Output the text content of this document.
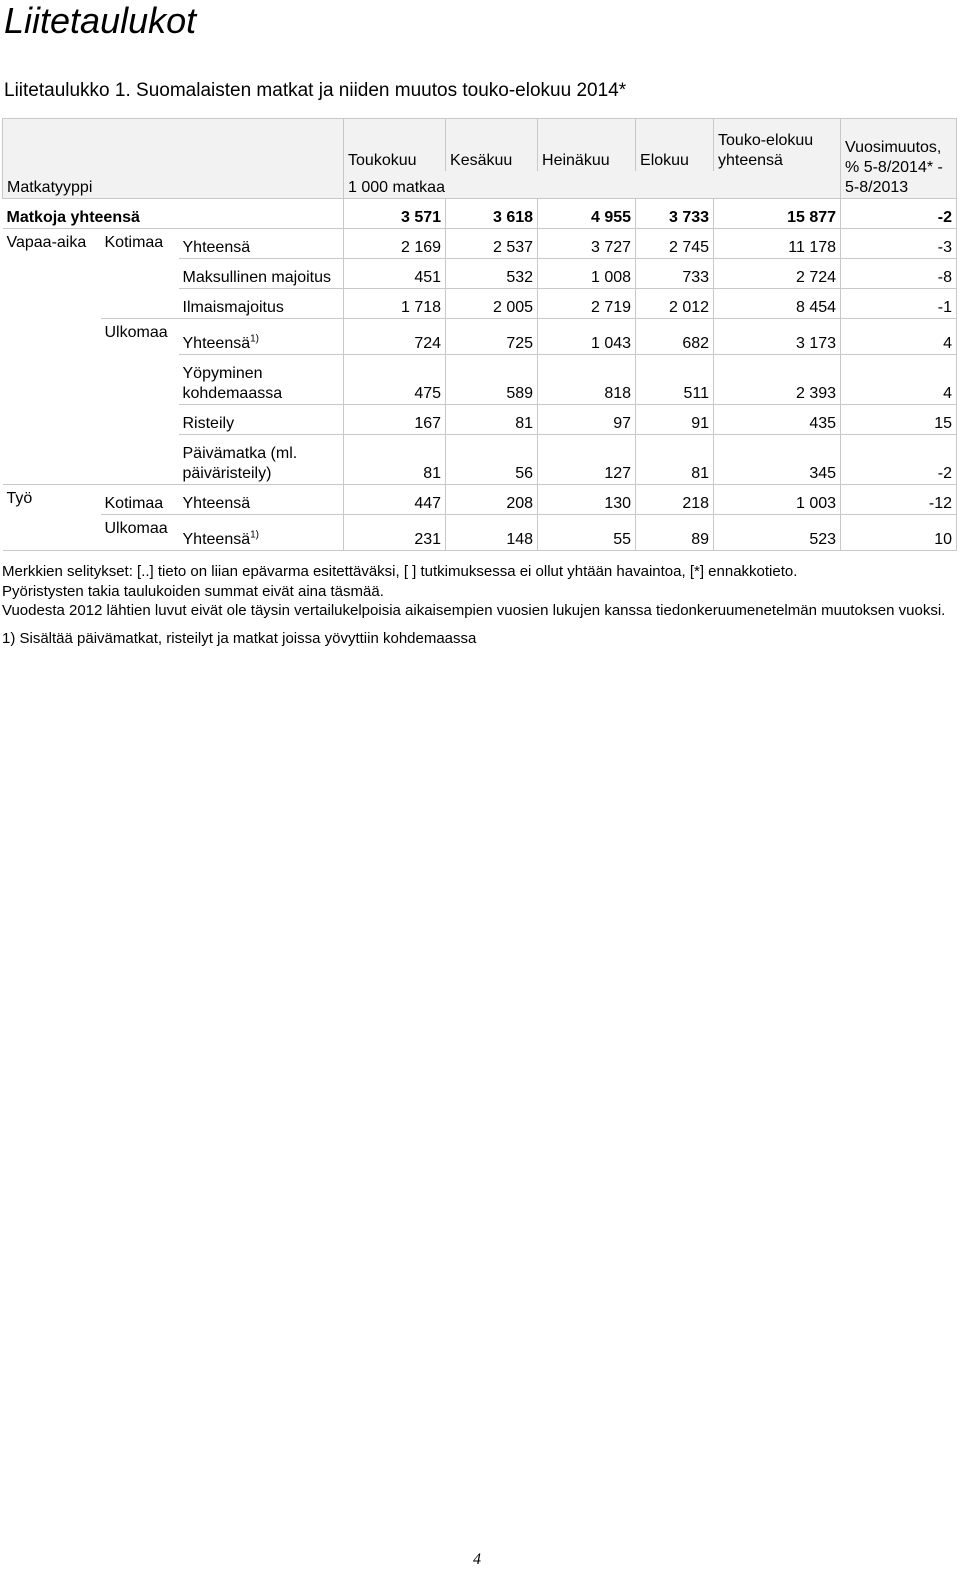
Liitetaulukot
Liitetaulukko 1. Suomalaisten matkat ja niiden muutos touko-elokuu 2014*
Matkatyyppi			Toukokuu	Kesäkuu	Heinäkuu	Elokuu	Touko-elokuu
yhteensä	Vuosimuutos,
% 5-8/2014* -
5-8/2013
			1 000 matkaa					
Matkoja yhteensä			3 571	3 618	4 955	3 733	15 877	-2
Vapaa-aika	Kotimaa	Yhteensä	2 169	2 537	3 727	2 745	11 178	-3
		Maksullinen majoitus	451	532	1 008	733	2 724	-8
		Ilmaismajoitus	1 718	2 005	2 719	2 012	8 454	-1
	Ulkomaa	Yhteensä$^{1)}$	724	725	1 043	682	3 173	4
		Yöpyminen
kohdemaassa	475	589	818	511	2 393	4
		Risteily	167	81	97	91	435	15
		Päivämatka (ml.
päiväristeily)	81	56	127	81	345	-2
Työ	Kotimaa	Yhteensä	447	208	130	218	1 003	-12
	Ulkomaa	Yhteensä$^{1)}$	231	148	55	89	523	10

Merkkien selitykset: [..] tieto on liian epävarma esitettäväksi, [ ] tutkimuksessa ei ollut yhtään havaintoa, [*] ennakkotieto.

Pyöristysten takia taulukoiden summat eivät aina täsmää.

Vuodesta 2012 lähtien luvut eivät ole täysin vertailukelpoisia aikaisempien vuosien lukujen kanssa tiedonkeruumenetelmän muutoksen vuoksi.

1) Sisältää päivämatkat, risteilyt ja matkat joissa yövyttiin kohdemaassa

4
